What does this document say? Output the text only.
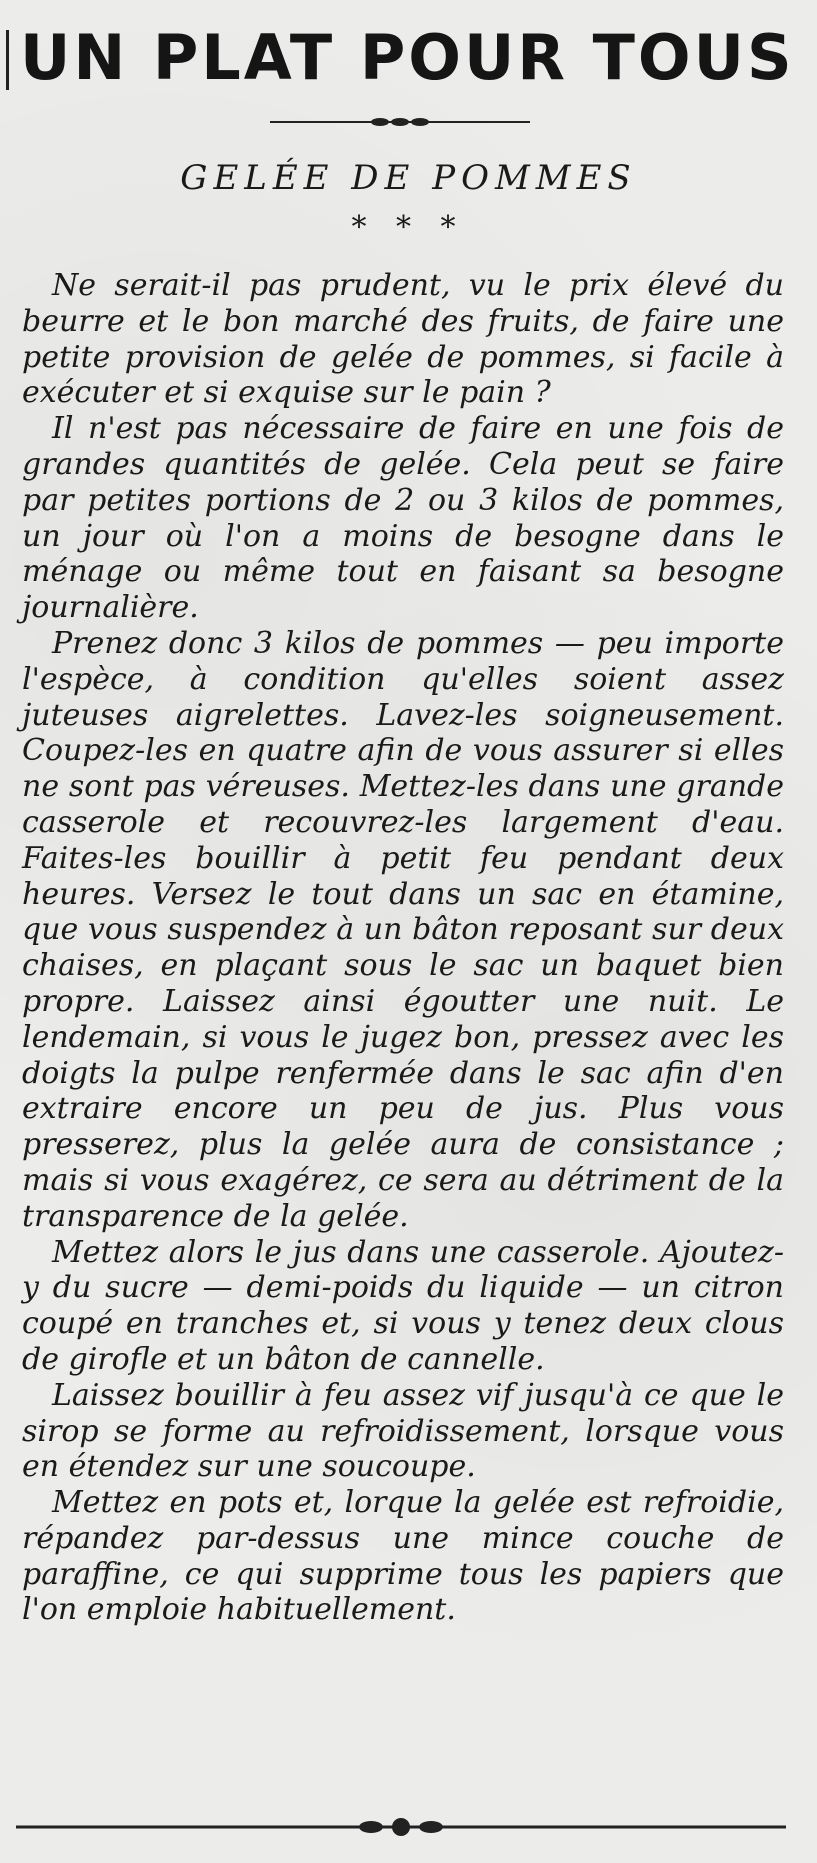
UN PLAT POUR TOUS
GELÉE DE POMMES
* * *

Ne serait-il pas prudent, vu le prix élevé du beurre et le bon marché des fruits, de faire une petite provision de gelée de pommes, si facile à exécuter et si exquise sur le pain ?

Il n'est pas nécessaire de faire en une fois de grandes quantités de gelée. Cela peut se faire par petites portions de 2 ou 3 kilos de pommes, un jour où l'on a moins de besogne dans le ménage ou même tout en faisant sa besogne journalière.

Prenez donc 3 kilos de pommes — peu importe l'espèce, à condition qu'elles soient assez juteuses aigrelettes. Lavez-les soigneusement. Coupez-les en quatre afin de vous assurer si elles ne sont pas véreuses. Mettez-les dans une grande casserole et recouvrez-les largement d'eau. Faites-les bouillir à petit feu pendant deux heures. Versez le tout dans un sac en étamine, que vous suspendez à un bâton reposant sur deux chaises, en plaçant sous le sac un baquet bien propre. Laissez ainsi égoutter une nuit. Le lendemain, si vous le jugez bon, pressez avec les doigts la pulpe renfermée dans le sac afin d'en extraire encore un peu de jus. Plus vous presserez, plus la gelée aura de consistance ; mais si vous exagérez, ce sera au détriment de la transparence de la gelée.

Mettez alors le jus dans une casserole. Ajoutez-y du sucre — demi-poids du liquide — un citron coupé en tranches et, si vous y tenez deux clous de girofle et un bâton de cannelle.

Laissez bouillir à feu assez vif jusqu'à ce que le sirop se forme au refroidissement, lorsque vous en étendez sur une soucoupe.

Mettez en pots et, lorque la gelée est refroidie, répandez par-dessus une mince couche de paraffine, ce qui supprime tous les papiers que l'on emploie habituellement.
